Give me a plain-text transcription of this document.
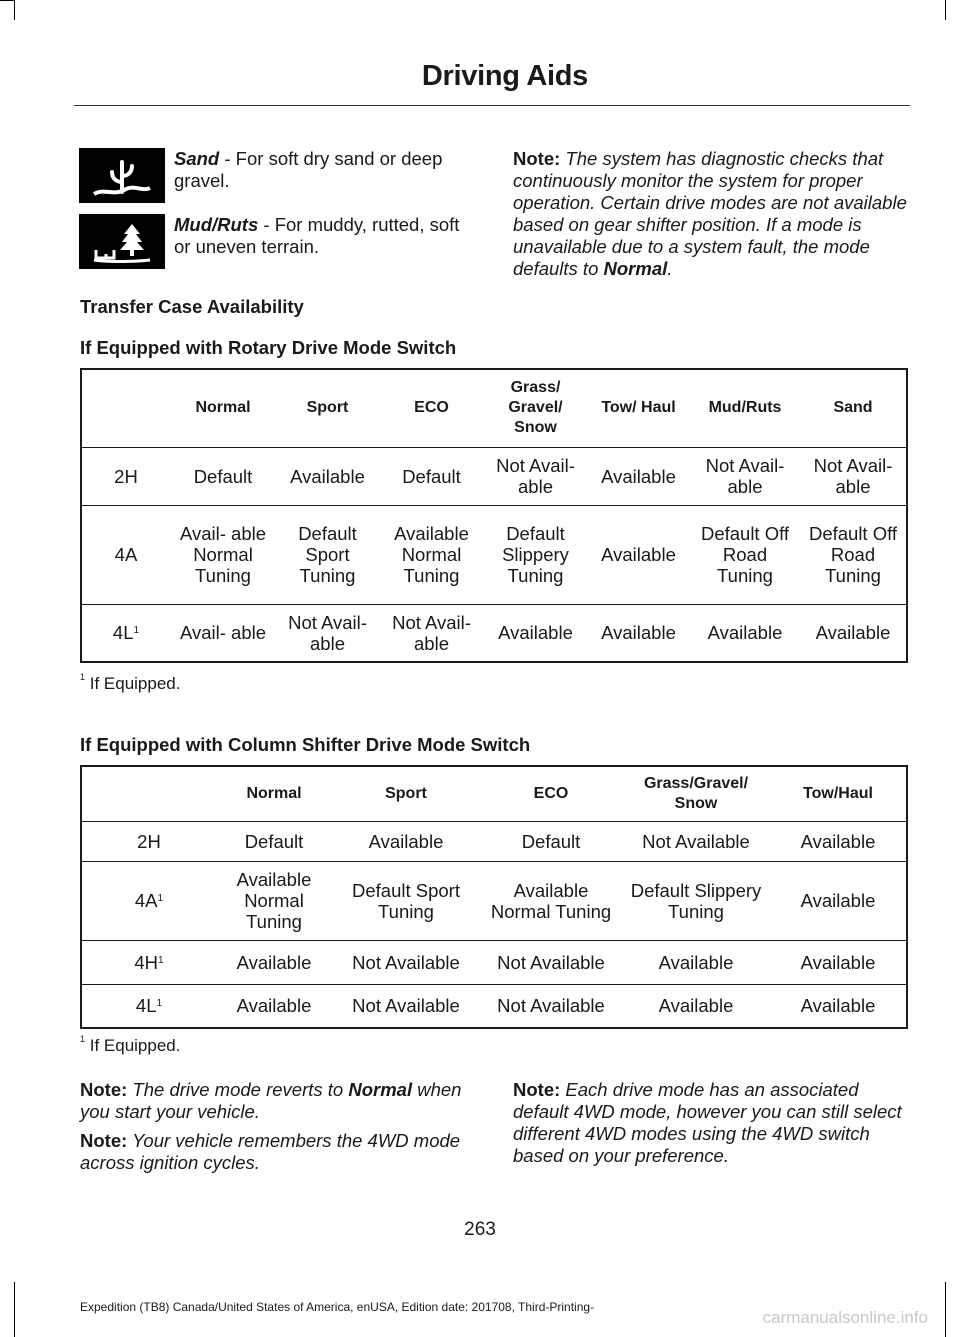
Driving Aids
Sand - For soft dry sand or deep gravel.
Mud/Ruts - For muddy, rutted, soft or uneven terrain.
Note: The system has diagnostic checks that continuously monitor the system for proper operation. Certain drive modes are not available based on gear shifter position. If a mode is unavailable due to a system fault, the mode defaults to Normal.
Transfer Case Availability
If Equipped with Rotary Drive Mode Switch
	Normal	Sport	ECO	Grass/ Gravel/ Snow	Tow/ Haul	Mud/Ruts	Sand
2H	Default	Available	Default	Not Avail- able	Available	Not Avail- able	Not Avail- able
4A	Avail- able Normal Tuning	Default Sport Tuning	Available Normal Tuning	Default Slippery Tuning	Available	Default Off Road Tuning	Default Off Road Tuning
$4L^1$	Avail- able	Not Avail- able	Not Avail- able	Available	Available	Available	Available
$^1$ If Equipped.
If Equipped with Column Shifter Drive Mode Switch
	Normal	Sport	ECO	Grass/Gravel/ Snow	Tow/Haul
2H	Default	Available	Default	Not Available	Available
$4A^1$	Available Normal Tuning	Default Sport Tuning	Available Normal Tuning	Default Slippery Tuning	Available
$4H^1$	Available	Not Available	Not Available	Available	Available
$4L^1$	Available	Not Available	Not Available	Available	Available
$^1$ If Equipped.
Note: The drive mode reverts to Normal when you start your vehicle.
Note: Your vehicle remembers the 4WD mode across ignition cycles.
Note: Each drive mode has an associated default 4WD mode, however you can still select different 4WD modes using the 4WD switch based on your preference.
263
Expedition (TB8) Canada/United States of America, enUSA, Edition date: 201708, Third-Printing-
carmanualsonline.info
